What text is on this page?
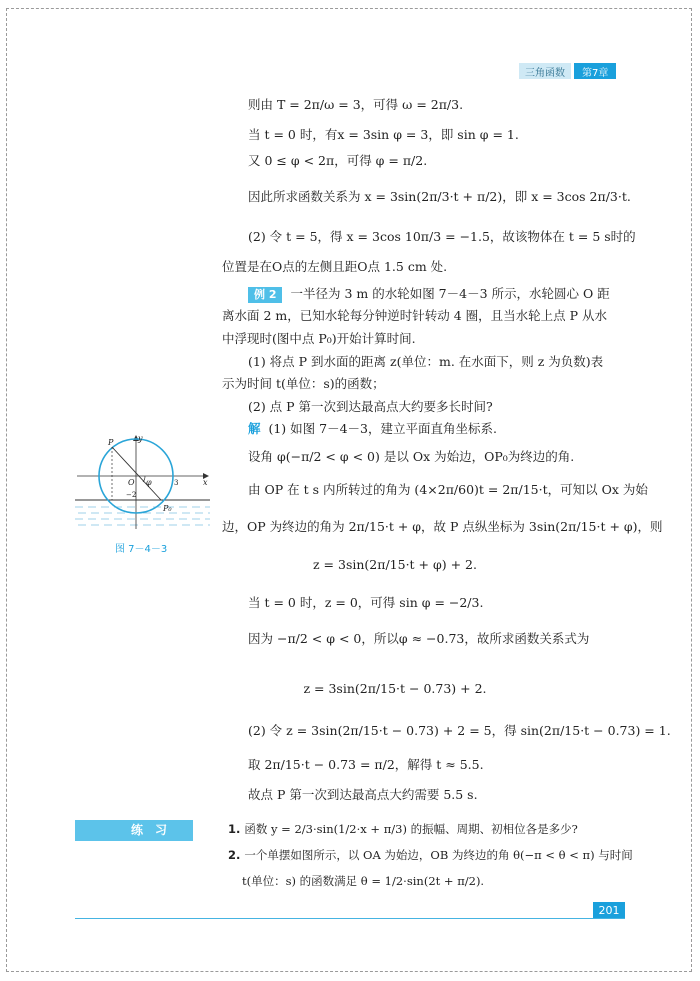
三角函数	第7章
则由 T = 2π/ω = 3，可得 ω = 2π/3.
当 t = 0 时，有x = 3sin φ = 3，即 sin φ = 1.
又 0 ≤ φ < 2π，可得 φ = π/2.
因此所求函数关系为 x = 3sin(2π/3·t + π/2)，即 x = 3cos 2π/3·t.
(2) 令 t = 5，得 x = 3cos 10π/3 = −1.5，故该物体在 t = 5 s时的
位置是在O点的左侧且距O点 1.5 cm 处.
例 2 一半径为 3 m 的水轮如图 7－4－3 所示，水轮圆心 O 距
离水面 2 m，已知水轮每分钟逆时针转动 4 圈，且当水轮上点 P 从水
中浮现时(图中点 P₀)开始计算时间.
(1) 将点 P 到水面的距离 z(单位：m. 在水面下，则 z 为负数)表
示为时间 t(单位：s)的函数；
(2) 点 P 第一次到达最高点大约要多长时间?
解 (1) 如图 7－4－3，建立平面直角坐标系.
设角 φ(−π/2 < φ < 0) 是以 Ox 为始边，OP₀为终边的角.
由 OP 在 t s 内所转过的角为 (4×2π/60)t = 2π/15·t，可知以 Ox 为始
边，OP 为终边的角为 2π/15·t + φ，故 P 点纵坐标为 3sin(2π/15·t + φ)，则
z = 3sin(2π/15·t + φ) + 2.
当 t = 0 时，z = 0，可得 sin φ = −2/3.
因为 −π/2 < φ < 0，所以φ ≈ −0.73，故所求函数关系式为
z = 3sin(2π/15·t − 0.73) + 2.
(2) 令 z = 3sin(2π/15·t − 0.73) + 2 = 5，得 sin(2π/15·t − 0.73) = 1.
取 2π/15·t − 0.73 = π/2，解得 t ≈ 5.5.
故点 P 第一次到达最高点大约需要 5.5 s.
P	y
x
O φ	3
−2
P₀
图 7－4－3
练习	1. 函数 y = 2/3·sin(1/2·x + π/3) 的振幅、周期、初相位各是多少?
2. 一个单摆如图所示，以 OA 为始边，OB 为终边的角 θ(−π < θ < π) 与时间
t(单位：s) 的函数满足 θ = 1/2·sin(2t + π/2).
201
